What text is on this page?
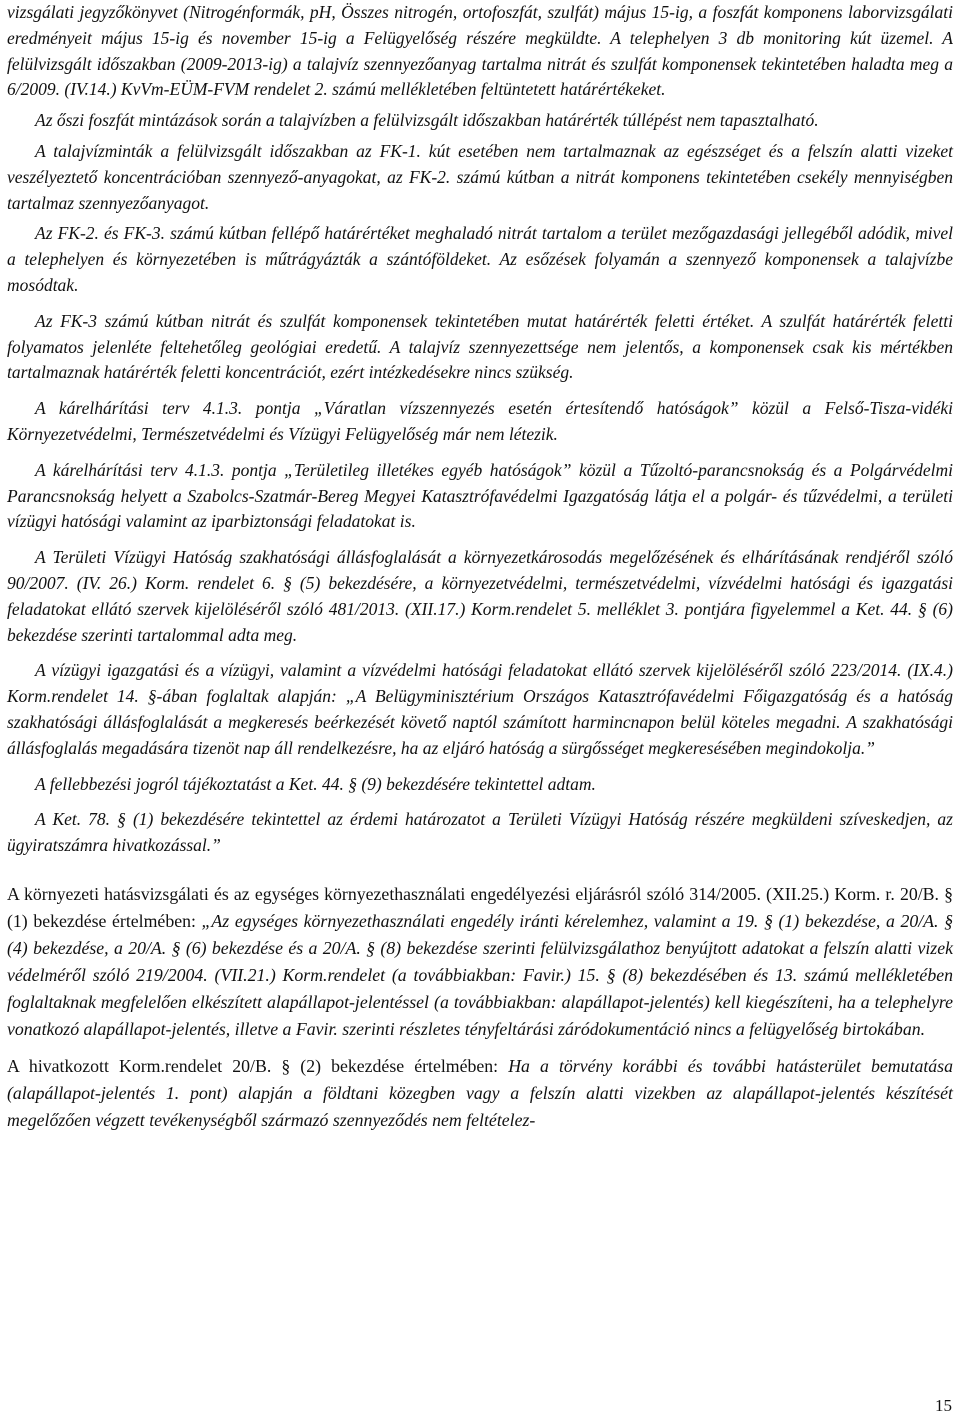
vizsgálati jegyzőkönyvet (Nitrogénformák, pH, Összes nitrogén, ortofoszfát, szulfát) május 15-ig, a foszfát komponens laborvizsgálati eredményeit május 15-ig és november 15-ig a Felügyelőség részére megküldte. A telephelyen 3 db monitoring kút üzemel. A felülvizsgált időszakban (2009-2013-ig) a talajvíz szennyezőanyag tartalma nitrát és szulfát komponensek tekintetében haladta meg a 6/2009. (IV.14.) KvVm-EÜM-FVM rendelet 2. számú mellékletében feltüntetett határértékeket.

Az őszi foszfát mintázások során a talajvízben a felülvizsgált időszakban határérték túllépést nem tapasztalható.

A talajvízminták a felülvizsgált időszakban az FK-1. kút esetében nem tartalmaznak az egészséget és a felszín alatti vizeket veszélyeztető koncentrációban szennyező-anyagokat, az FK-2. számú kútban a nitrát komponens tekintetében csekély mennyiségben tartalmaz szennyezőanyagot.

Az FK-2. és FK-3. számú kútban fellépő határértéket meghaladó nitrát tartalom a terület mezőgazdasági jellegéből adódik, mivel a telephelyen és környezetében is műtrágyázták a szántóföldeket. Az esőzések folyamán a szennyező komponensek a talajvízbe mosódtak.

Az FK-3 számú kútban nitrát és szulfát komponensek tekintetében mutat határérték feletti értéket. A szulfát határérték feletti folyamatos jelenléte feltehetőleg geológiai eredetű. A talajvíz szennyezettsége nem jelentős, a komponensek csak kis mértékben tartalmaznak határérték feletti koncentrációt, ezért intézkedésekre nincs szükség.

A kárelhárítási terv 4.1.3. pontja „Váratlan vízszennyezés esetén értesítendő hatóságok” közül a Felső-Tisza-vidéki Környezetvédelmi, Természetvédelmi és Vízügyi Felügyelőség már nem létezik.

A kárelhárítási terv 4.1.3. pontja „Területileg illetékes egyéb hatóságok” közül a Tűzoltó-parancsnokság és a Polgárvédelmi Parancsnokság helyett a Szabolcs-Szatmár-Bereg Megyei Katasztrófavédelmi Igazgatóság látja el a polgár- és tűzvédelmi, a területi vízügyi hatósági valamint az iparbiztonsági feladatokat is.

A Területi Vízügyi Hatóság szakhatósági állásfoglalását a környezetkárosodás megelőzésének és elhárításának rendjéről szóló 90/2007. (IV. 26.) Korm. rendelet 6. § (5) bekezdésére, a környezetvédelmi, természetvédelmi, vízvédelmi hatósági és igazgatási feladatokat ellátó szervek kijelöléséről szóló 481/2013. (XII.17.) Korm.rendelet 5. melléklet 3. pontjára figyelemmel a Ket. 44. § (6) bekezdése szerinti tartalommal adta meg.

A vízügyi igazgatási és a vízügyi, valamint a vízvédelmi hatósági feladatokat ellátó szervek kijelöléséről szóló 223/2014. (IX.4.) Korm.rendelet 14. §-ában foglaltak alapján: „A Belügyminisztérium Országos Katasztrófavédelmi Főigazgatóság és a hatóság szakhatósági állásfoglalását a megkeresés beérkezését követő naptól számított harmincnapon belül köteles megadni. A szakhatósági állásfoglalás megadására tizenöt nap áll rendelkezésre, ha az eljáró hatóság a sürgősséget megkeresésében megindokolja.”

A fellebbezési jogról tájékoztatást a Ket. 44. § (9) bekezdésére tekintettel adtam.

A Ket. 78. § (1) bekezdésére tekintettel az érdemi határozatot a Területi Vízügyi Hatóság részére megküldeni szíveskedjen, az ügyiratszámra hivatkozással.”

A környezeti hatásvizsgálati és az egységes környezethasználati engedélyezési eljárásról szóló 314/2005. (XII.25.) Korm. r. 20/B. § (1) bekezdése értelmében: „Az egységes környezethasználati engedély iránti kérelemhez, valamint a 19. § (1) bekezdése, a 20/A. § (4) bekezdése, a 20/A. § (6) bekezdése és a 20/A. § (8) bekezdése szerinti felülvizsgálathoz benyújtott adatokat a felszín alatti vizek védelméről szóló 219/2004. (VII.21.) Korm.rendelet (a továbbiakban: Favir.) 15. § (8) bekezdésében és 13. számú mellékletében foglaltaknak megfelelően elkészített alapállapot-jelentéssel (a továbbiakban: alapállapot-jelentés) kell kiegészíteni, ha a telephelyre vonatkozó alapállapot-jelentés, illetve a Favir. szerinti részletes tényfeltárási záródokumentáció nincs a felügyelőség birtokában.

A hivatkozott Korm.rendelet 20/B. § (2) bekezdése értelmében: Ha a törvény korábbi és további hatásterület bemutatása (alapállapot-jelentés 1. pont) alapján a földtani közegben vagy a felszín alatti vizekben az alapállapot-jelentés készítését megelőzően végzett tevékenységből származó szennyeződés nem feltételez-

15
